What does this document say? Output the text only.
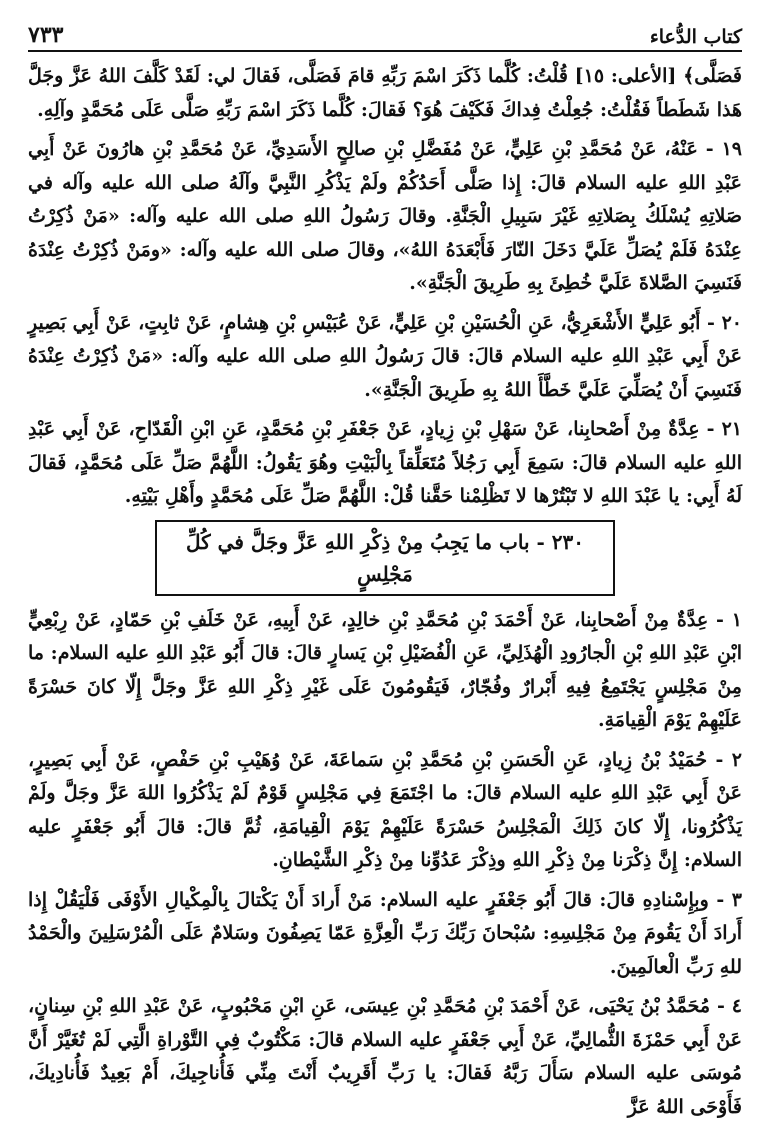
كتاب الدُّعاء
٧٣٣

فَصَلَّى﴾ [الأعلى: ١٥] قُلْتُ: كُلَّما ذَكَرَ اسْمَ رَبِّهِ قامَ فَصَلَّى، فَقالَ لي: لَقَدْ كَلَّفَ اللهُ عَزَّ وجَلَّ هَذا شَطَطاً فَقُلْتُ: جُعِلْتُ فِداكَ فَكَيْفَ هُوَ؟ فَقالَ: كُلَّما ذَكَرَ اسْمَ رَبِّهِ صَلَّى عَلَى مُحَمَّدٍ وآلِهِ.

١٩ - عَنْهُ، عَنْ مُحَمَّدِ بْنِ عَلِيٍّ، عَنْ مُفَضَّلِ بْنِ صالِحٍ الأَسَدِيِّ، عَنْ مُحَمَّدِ بْنِ هارُونَ عَنْ أَبِي عَبْدِ اللهِ عليه السلام قالَ: إِذا صَلَّى أَحَدُكُمْ ولَمْ يَذْكُرِ النَّبِيَّ وآلَهُ صلى الله عليه وآله في صَلاتِهِ يُسْلَكُ بِصَلاتِهِ غَيْرَ سَبِيلِ الْجَنَّةِ. وقالَ رَسُولُ اللهِ صلى الله عليه وآله: «مَنْ ذُكِرْتُ عِنْدَهُ فَلَمْ يُصَلِّ عَلَيَّ دَخَلَ النّارَ فَأَبْعَدَهُ اللهُ»، وقالَ صلى الله عليه وآله: «ومَنْ ذُكِرْتُ عِنْدَهُ فَنَسِيَ الصَّلاةَ عَلَيَّ خُطِئَ بِهِ طَرِيقَ الْجَنَّةِ».

٢٠ - أَبُو عَلِيٍّ الأَشْعَرِيُّ، عَنِ الْحُسَيْنِ بْنِ عَلِيٍّ، عَنْ عُبَيْسِ بْنِ هِشامٍ، عَنْ ثابِتٍ، عَنْ أَبِي بَصِيرٍ عَنْ أَبِي عَبْدِ اللهِ عليه السلام قالَ: قالَ رَسُولُ اللهِ صلى الله عليه وآله: «مَنْ ذُكِرْتُ عِنْدَهُ فَنَسِيَ أَنْ يُصَلِّيَ عَلَيَّ خَطَّأَ اللهُ بِهِ طَرِيقَ الْجَنَّةِ».

٢١ - عِدَّةٌ مِنْ أَصْحابِنا، عَنْ سَهْلِ بْنِ زِيادٍ، عَنْ جَعْفَرِ بْنِ مُحَمَّدٍ، عَنِ ابْنِ الْقَدّاحِ، عَنْ أَبِي عَبْدِ اللهِ عليه السلام قالَ: سَمِعَ أَبِي رَجُلاً مُتَعَلِّقاً بِالْبَيْتِ وهُوَ يَقُولُ: اللَّهُمَّ صَلِّ عَلَى مُحَمَّدٍ، فَقالَ لَهُ أَبِي: يا عَبْدَ اللهِ لا تَبْتُرْها لا تَظْلِمْنا حَقَّنا قُلْ: اللَّهُمَّ صَلِّ عَلَى مُحَمَّدٍ وأَهْلِ بَيْتِهِ.

٢٣٠ - باب ما يَجِبُ مِنْ ذِكْرِ اللهِ عَزَّ وجَلَّ في كُلِّ مَجْلِسٍ

١ - عِدَّةٌ مِنْ أَصْحابِنا، عَنْ أَحْمَدَ بْنِ مُحَمَّدِ بْنِ خالِدٍ، عَنْ أَبِيهِ، عَنْ خَلَفِ بْنِ حَمّادٍ، عَنْ رِبْعِيٍّ ابْنِ عَبْدِ اللهِ بْنِ الْجارُودِ الْهُذَلِيِّ، عَنِ الْفُضَيْلِ بْنِ يَسارٍ قالَ: قالَ أَبُو عَبْدِ اللهِ عليه السلام: ما مِنْ مَجْلِسٍ يَجْتَمِعُ فِيهِ أَبْرارٌ وفُجّارٌ، فَيَقُومُونَ عَلَى غَيْرِ ذِكْرِ اللهِ عَزَّ وجَلَّ إِلّا كانَ حَسْرَةً عَلَيْهِمْ يَوْمَ الْقِيامَةِ.

٢ - حُمَيْدُ بْنُ زِيادٍ، عَنِ الْحَسَنِ بْنِ مُحَمَّدِ بْنِ سَماعَةَ، عَنْ وُهَيْبِ بْنِ حَفْصٍ، عَنْ أَبِي بَصِيرٍ، عَنْ أَبِي عَبْدِ اللهِ عليه السلام قالَ: ما اجْتَمَعَ فِي مَجْلِسٍ قَوْمٌ لَمْ يَذْكُرُوا اللهَ عَزَّ وجَلَّ ولَمْ يَذْكُرُونا، إِلّا كانَ ذَلِكَ الْمَجْلِسُ حَسْرَةً عَلَيْهِمْ يَوْمَ الْقِيامَةِ، ثُمَّ قالَ: قالَ أَبُو جَعْفَرٍ عليه السلام: إِنَّ ذِكْرَنا مِنْ ذِكْرِ اللهِ وذِكْرَ عَدُوِّنا مِنْ ذِكْرِ الشَّيْطانِ.

٣ - وبِإِسْنادِهِ قالَ: قالَ أَبُو جَعْفَرٍ عليه السلام: مَنْ أَرادَ أَنْ يَكْتالَ بِالْمِكْيالِ الأَوْفَى فَلْيَقُلْ إِذا أَرادَ أَنْ يَقُومَ مِنْ مَجْلِسِهِ: سُبْحانَ رَبِّكَ رَبِّ الْعِزَّةِ عَمّا يَصِفُونَ وسَلامٌ عَلَى الْمُرْسَلِينَ والْحَمْدُ للهِ رَبِّ الْعالَمِينَ.

٤ - مُحَمَّدُ بْنُ يَحْيَى، عَنْ أَحْمَدَ بْنِ مُحَمَّدِ بْنِ عِيسَى، عَنِ ابْنِ مَحْبُوبٍ، عَنْ عَبْدِ اللهِ بْنِ سِنانٍ، عَنْ أَبِي حَمْزَةَ الثُّمالِيِّ، عَنْ أَبِي جَعْفَرٍ عليه السلام قالَ: مَكْتُوبٌ فِي التَّوْراةِ الَّتِي لَمْ تُغَيَّرْ أَنَّ مُوسَى عليه السلام سَأَلَ رَبَّهُ فَقالَ: يا رَبِّ أَقَرِيبٌ أَنْتَ مِنِّي فَأُناجِيكَ، أَمْ بَعِيدٌ فَأُنادِيكَ، فَأَوْحَى اللهُ عَزَّ
